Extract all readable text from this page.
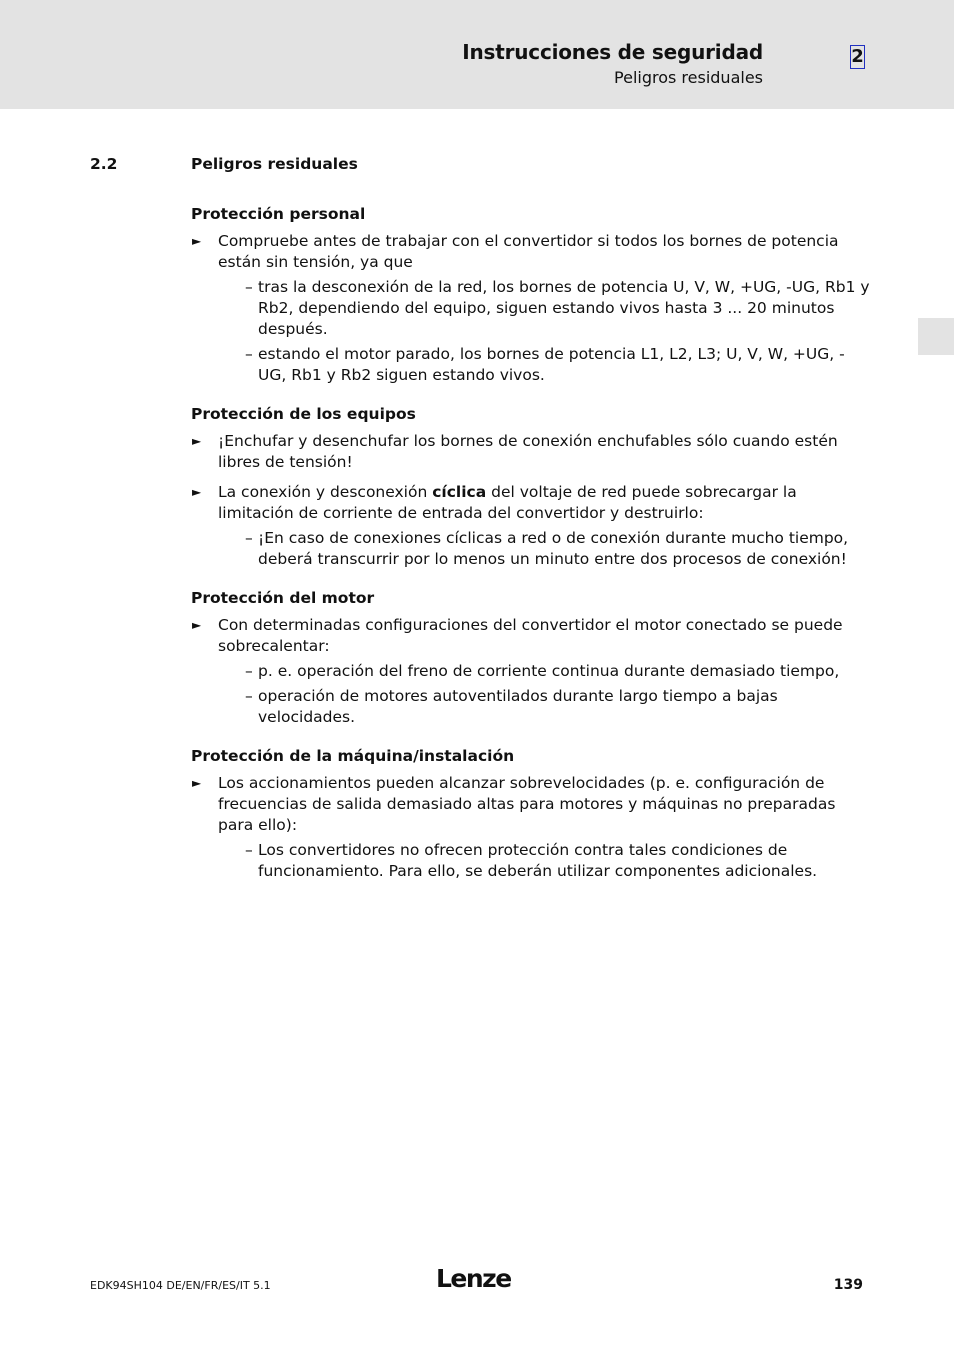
Instrucciones de seguridad
Peligros residuales
2
2.2	Peligros residuales
Protección personal
► Compruebe antes de trabajar con el convertidor si todos los bornes de potencia están sin tensión, ya que
– tras la desconexión de la red, los bornes de potencia U, V, W, +UG, -UG, Rb1 y Rb2, dependiendo del equipo, siguen estando vivos hasta 3 ... 20 minutos después.
– estando el motor parado, los bornes de potencia L1, L2, L3; U, V, W, +UG, -UG, Rb1 y Rb2 siguen estando vivos.
Protección de los equipos
► ¡Enchufar y desenchufar los bornes de conexión enchufables sólo cuando estén libres de tensión!
► La conexión y desconexión cíclica del voltaje de red puede sobrecargar la limitación de corriente de entrada del convertidor y destruirlo:
– ¡En caso de conexiones cíclicas a red o de conexión durante mucho tiempo, deberá transcurrir por lo menos un minuto entre dos procesos de conexión!
Protección del motor
► Con determinadas configuraciones del convertidor el motor conectado se puede sobrecalentar:
– p. e. operación del freno de corriente continua durante demasiado tiempo,
– operación de motores autoventilados durante largo tiempo a bajas velocidades.
Protección de la máquina/instalación
► Los accionamientos pueden alcanzar sobrevelocidades (p. e. configuración de frecuencias de salida demasiado altas para motores y máquinas no preparadas para ello):
– Los convertidores no ofrecen protección contra tales condiciones de funcionamiento. Para ello, se deberán utilizar componentes adicionales.
EDK94SH104 DE/EN/FR/ES/IT 5.1	Lenze	139
